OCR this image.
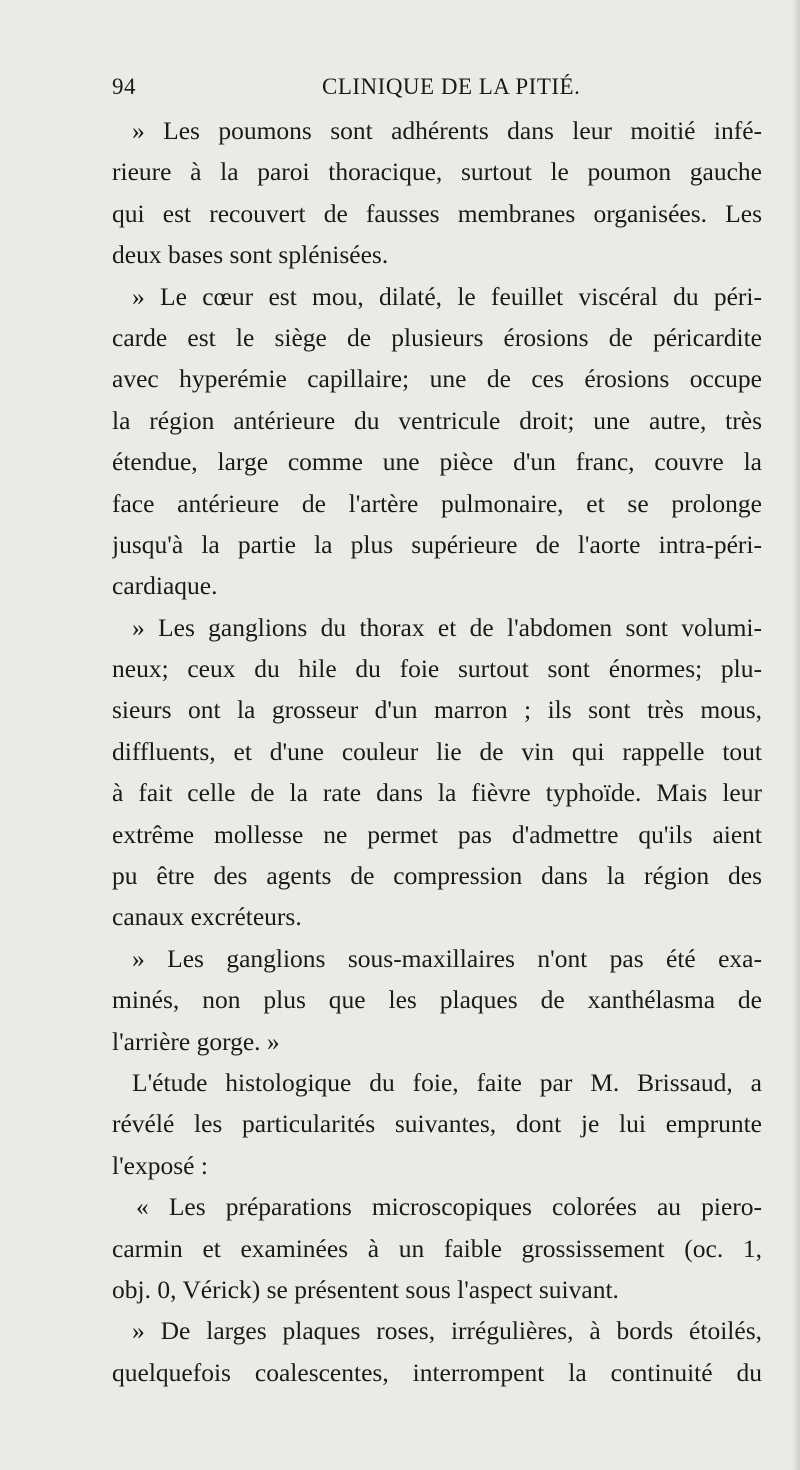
94	CLINIQUE DE LA PITIÉ.
» Les poumons sont adhérents dans leur moitié infé-
rieure à la paroi thoracique, surtout le poumon gauche
qui est recouvert de fausses membranes organisées. Les
deux bases sont splénisées.
» Le cœur est mou, dilaté, le feuillet viscéral du péri-
carde est le siège de plusieurs érosions de péricardite
avec hyperémie capillaire; une de ces érosions occupe
la région antérieure du ventricule droit; une autre, très
étendue, large comme une pièce d'un franc, couvre la
face antérieure de l'artère pulmonaire, et se prolonge
jusqu'à la partie la plus supérieure de l'aorte intra-péri-
cardiaque.
» Les ganglions du thorax et de l'abdomen sont volumi-
neux; ceux du hile du foie surtout sont énormes; plu-
sieurs ont la grosseur d'un marron ; ils sont très mous,
diffluents, et d'une couleur lie de vin qui rappelle tout
à fait celle de la rate dans la fièvre typhoïde. Mais leur
extrême mollesse ne permet pas d'admettre qu'ils aient
pu être des agents de compression dans la région des
canaux excréteurs.
» Les ganglions sous-maxillaires n'ont pas été exa-
minés, non plus que les plaques de xanthélasma de
l'arrière gorge. »
L'étude histologique du foie, faite par M. Brissaud, a
révélé les particularités suivantes, dont je lui emprunte
l'exposé :
« Les préparations microscopiques colorées au piero-
carmin et examinées à un faible grossissement (oc. 1,
obj. 0, Vérick) se présentent sous l'aspect suivant.
» De larges plaques roses, irrégulières, à bords étoilés,
quelquefois coalescentes, interrompent la continuité du
